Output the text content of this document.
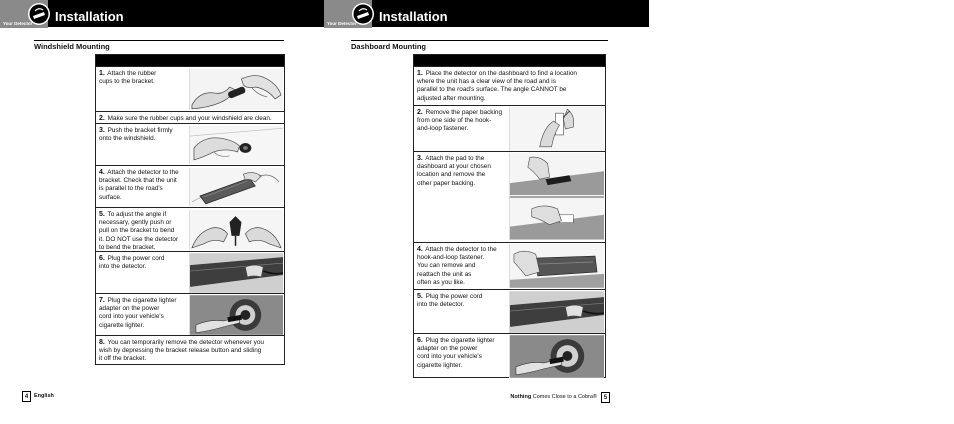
Your Detector Installation
Windshield Mounting
1. Attach the rubber
cups to the bracket.
2. Make sure the rubber cups and your windshield are clean.
3. Push the bracket firmly
onto the windshield.
4. Attach the detector to the
bracket. Check that the unit
is parallel to the road's
surface.
5. To adjust the angle if
necessary, gently push or
pull on the bracket to bend
it. DO NOT use the detector
to bend the bracket.
6. Plug the power cord
into the detector.
7. Plug the cigarette lighter
adapter on the power
cord into your vehicle's
cigarette lighter.
8. You can temporarily remove the detector whenever you
wish by depressing the bracket release button and sliding
it off the bracket.
4	English
Your Detector Installation
Dashboard Mounting
1. Place the detector on the dashboard to find a location
where the unit has a clear view of the road and is
parallel to the road's surface. The angle CANNOT be
adjusted after mounting.
2. Remove the paper backing
from one side of the hook-
and-loop fastener.
3. Attach the pad to the
dashboard at your chosen
location and remove the
other paper backing.
4. Attach the detector to the
hook-and-loop fastener.
You can remove and
reattach the unit as
often as you like.
5. Plug the power cord
into the detector.
6. Plug the cigarette lighter
adapter on the power
cord into your vehicle's
cigarette lighter.
Nothing Comes Close to a Cobra®	5
